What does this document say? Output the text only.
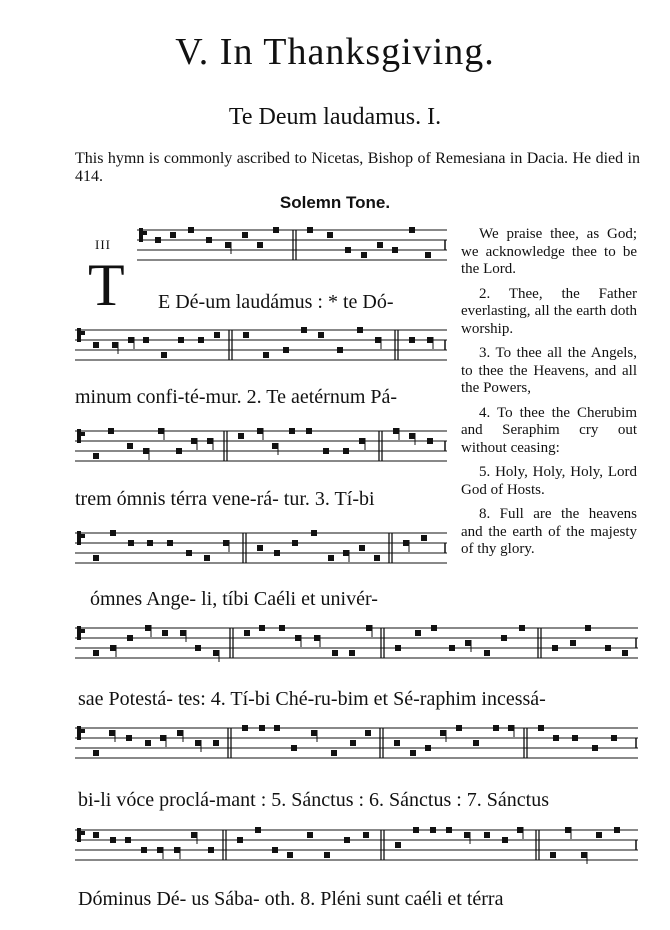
V. In Thanksgiving.
Te Deum laudamus. I.
This hymn is commonly ascribed to Nicetas, Bishop of Remesiana in Dacia. He died in 414.
Solemn Tone.
III
T E Dé-um laudámus : * te Dó-
minum confi-té-mur. 2. Te aetérnum Pá-
trem ómnis térra vene-rá- tur. 3. Tí-bi
ómnes Ange- li, tíbi Caéli et univér-
sae Potestá- tes: 4. Tí-bi Ché-ru-bim et Sé-raphim incessá-
bi-li vóce proclá-mant : 5. Sánctus : 6. Sánctus : 7. Sánctus
Dóminus Dé- us Sába- oth. 8. Pléni sunt caéli et térra

We praise thee, as God; we acknowledge thee to be the Lord.

2. Thee, the Father everlasting, all the earth doth worship.

3. To thee all the Angels, to thee the Heavens, and all the Powers,

4. To thee the Cherubim and Seraphim cry out without ceasing:

5. Holy, Holy, Holy, Lord God of Hosts.

8. Full are the heavens and the earth of the majesty of thy glory.
